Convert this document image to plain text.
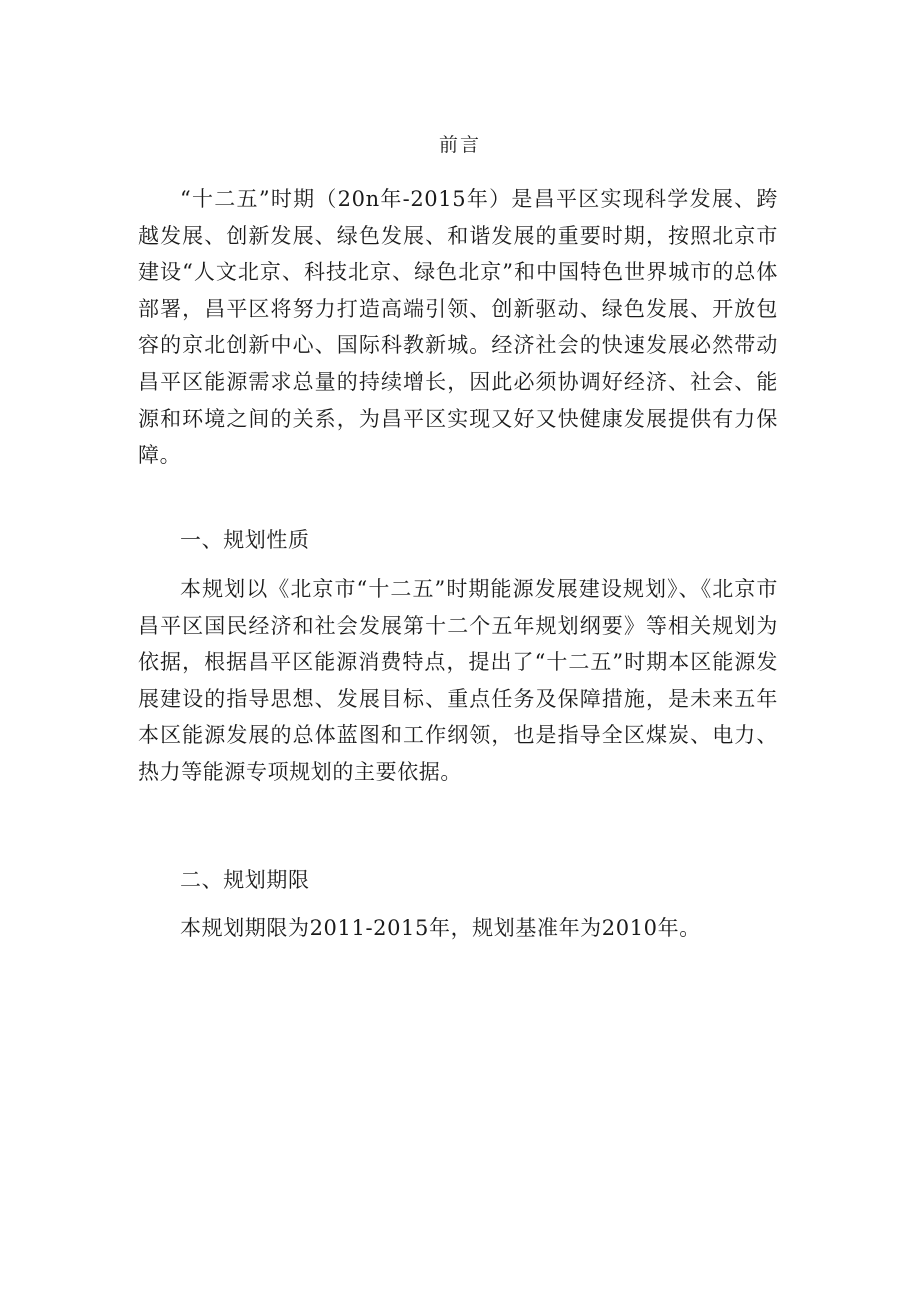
前言

“十二五”时期（20n年-2015年）是昌平区实现科学发展、跨越发展、创新发展、绿色发展、和谐发展的重要时期，按照北京市建设“人文北京、科技北京、绿色北京”和中国特色世界城市的总体部署，昌平区将努力打造高端引领、创新驱动、绿色发展、开放包容的京北创新中心、国际科教新城。经济社会的快速发展必然带动昌平区能源需求总量的持续增长，因此必须协调好经济、社会、能源和环境之间的关系，为昌平区实现又好又快健康发展提供有力保障。

一、规划性质

本规划以《北京市“十二五”时期能源发展建设规划》、《北京市昌平区国民经济和社会发展第十二个五年规划纲要》等相关规划为依据，根据昌平区能源消费特点，提出了“十二五”时期本区能源发展建设的指导思想、发展目标、重点任务及保障措施，是未来五年本区能源发展的总体蓝图和工作纲领，也是指导全区煤炭、电力、热力等能源专项规划的主要依据。

二、规划期限

本规划期限为2011-2015年，规划基准年为2010年。
